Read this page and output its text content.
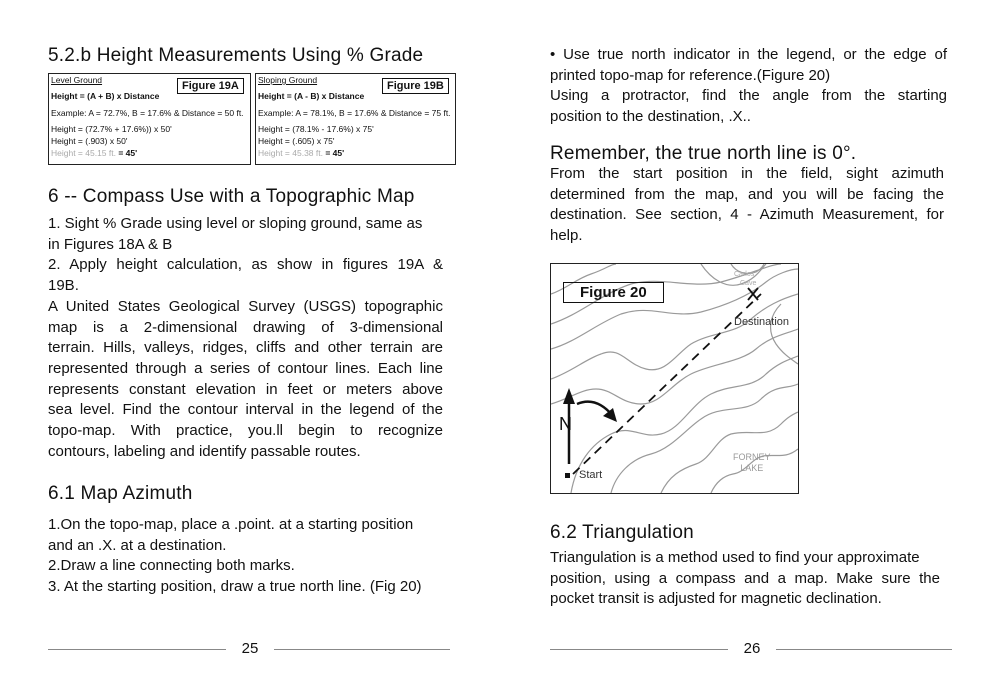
5.2.b Height Measurements Using % Grade
Level Ground	Figure 19A
Height = (A + B) x Distance
Example: A = 72.7%, B = 17.6% & Distance = 50 ft.
Height = (72.7% + 17.6%)) x 50'
Height = (.903) x 50'
Height = 45.15 ft. = 45'
Sloping Ground	Figure 19B
Height = (A - B) x Distance
Example: A = 78.1%, B = 17.6% & Distance = 75 ft.
Height = (78.1% - 17.6%) x 75'
Height = (.605) x 75'
Height = 45.38 ft. = 45'
6 -- Compass Use with a Topographic Map
1. Sight % Grade using level or sloping ground, same as
in Figures 18A & B
2. Apply height calculation, as show in figures 19A &
19B.
A United States Geological Survey (USGS) topographic
map is a 2-dimensional drawing of 3-dimensional
terrain. Hills, valleys, ridges, cliffs and other terrain are
represented through a series of contour lines. Each line
represents constant elevation in feet or meters above
sea level. Find the contour interval in the legend of the
topo-map. With practice, you.ll begin to recognize
contours, labeling and identify passable routes.
6.1 Map Azimuth
1.On the topo-map, place a .point. at a starting position
and an .X. at a destination.
2.Draw a line connecting both marks.
3. At the starting position, draw a true north line. (Fig 20)
25
• Use true north indicator in the legend, or the edge of
printed topo-map for reference.(Figure 20)
Using a protractor, find the angle from the starting
position to the destination, .X..
Remember, the true north line is 0°.
From the start position in the field, sight azimuth
determined from the map, and you will be facing the
destination. See section, 4 - Azimuth Measurement, for
help.
Figure 20
Destination
Start
N
FORNEY
LAKE
Carlos
Cave
6.2 Triangulation
Triangulation is a method used to find your approximate
position, using a compass and a map. Make sure the
pocket transit is adjusted for magnetic declination.
26
